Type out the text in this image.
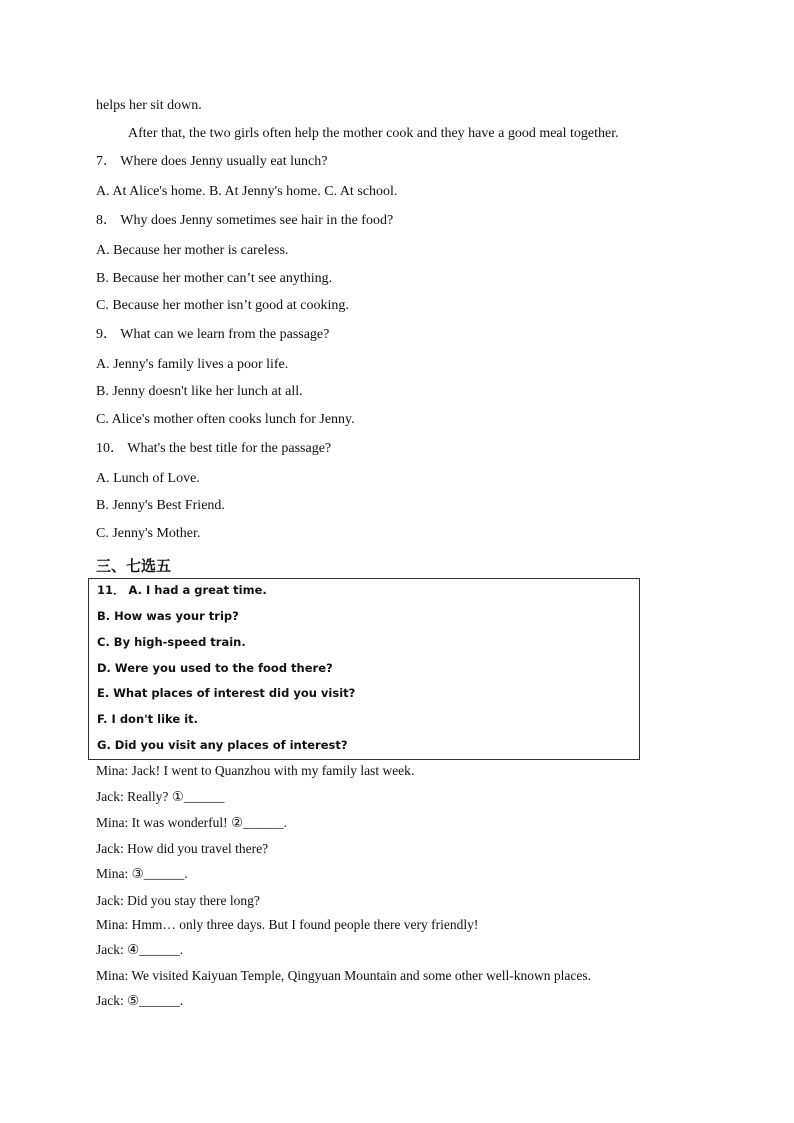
helps her sit down.
After that, the two girls often help the mother cook and they have a good meal together.
7． Where does Jenny usually eat lunch?
A. At Alice's home. B. At Jenny's home. C. At school.
8． Why does Jenny sometimes see hair in the food?
A. Because her mother is careless.
B. Because her mother can’t see anything.
C. Because her mother isn’t good at cooking.
9． What can we learn from the passage?
A. Jenny's family lives a poor life.
B. Jenny doesn't like her lunch at all.
C. Alice's mother often cooks lunch for Jenny.
10． What's the best title for the passage?
A. Lunch of Love.
B. Jenny's Best Friend.
C. Jenny's Mother.
三、七选五
11． A. I had a great time.
B. How was your trip?
C. By high-speed train.
D. Were you used to the food there?
E. What places of interest did you visit?
F. I don't like it.
G. Did you visit any places of interest?
Mina: Jack! I went to Quanzhou with my family last week.
Jack: Really? ①______
Mina: It was wonderful! ②______.
Jack: How did you travel there?
Mina: ③______.
Jack: Did you stay there long?
Mina: Hmm… only three days. But I found people there very friendly!
Jack: ④______.
Mina: We visited Kaiyuan Temple, Qingyuan Mountain and some other well-known places.
Jack: ⑤______.
